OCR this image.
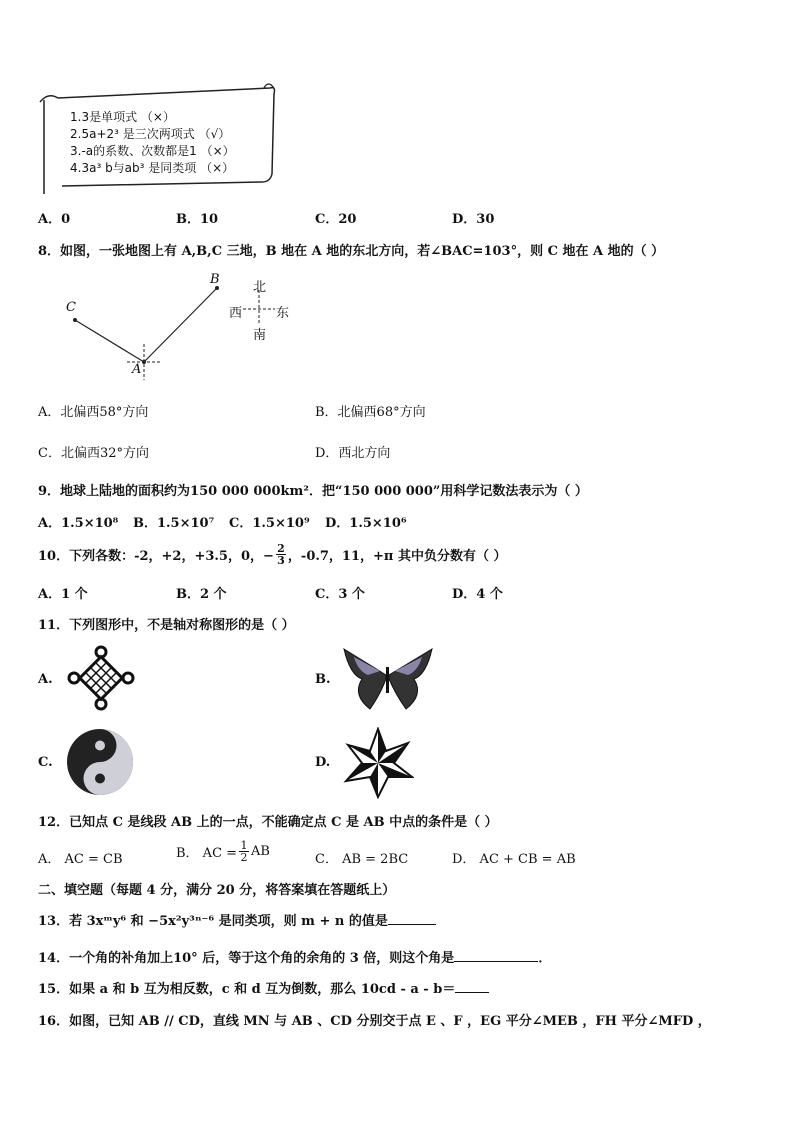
1.3是单项式 （×）
2.5a+2³ 是三次两项式 （√）
3.-a的系数、次数都是1 （×）
4.3a³ b与ab³ 是同类项 （×）
A．0	B．10	C．20	D．30
8．如图，一张地图上有 A,B,C 三地，B 地在 A 地的东北方向，若∠BAC=103°，则 C 地在 A 地的（ ）
C
B
A
北
南
西	东
A．北偏西58°方向	B．北偏西68°方向
C．北偏西32°方向	D．西北方向
9．地球上陆地的面积约为150 000 000km²．把“150 000 000”用科学记数法表示为（ ）
A．1.5×10⁸ B．1.5×10⁷ C．1.5×10⁹ D．1.5×10⁶
10．下列各数：-2，+2，+3.5，0，− $\frac{2}{3}$ ，-0.7，11，+π 其中负分数有（ ）
A．1 个	B．2 个	C．3 个	D．4 个
11．下列图形中，不是轴对称图形的是（ ）
A.	B.
C.	D.
12．已知点 C 是线段 AB 上的一点，不能确定点 C 是 AB 中点的条件是（ ）
A． AC = CB	B． AC = $\frac{1}{2}$ AB
C． AB = 2BC	D． AC + CB = AB
二、填空题（每题 4 分，满分 20 分，将答案填在答题纸上）
13．若 3xᵐy⁶ 和 −5x²y³ⁿ⁻⁶ 是同类项，则 m + n 的值是
14．一个角的补角加上10° 后，等于这个角的余角的 3 倍，则这个角是	．
15．如果 a 和 b 互为相反数，c 和 d 互为倒数，那么 10cd - a - b＝
16．如图，已知 AB // CD，直线 MN 与 AB 、CD 分别交于点 E 、F ，EG 平分∠MEB ，FH 平分∠MFD ，
